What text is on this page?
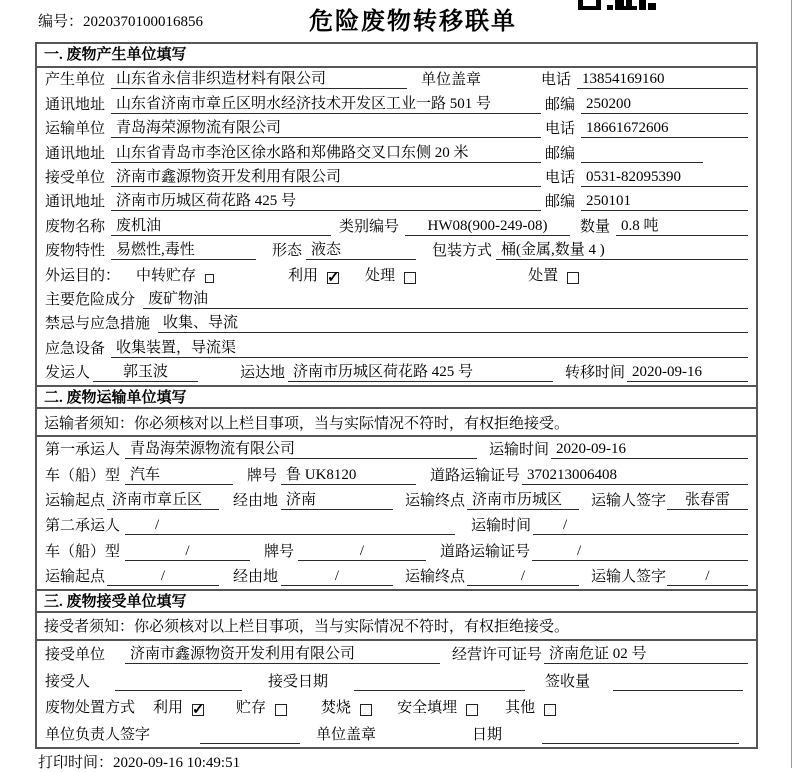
编号：2020370100016856	危险废物转移联单
一. 废物产生单位填写
产生单位 山东省永信非织造材料有限公司	单位盖章	电话 13854169160
通讯地址 山东省济南市章丘区明水经济技术开发区工业一路 501 号	邮编 250200
运输单位 青岛海荣源物流有限公司	电话 18661672606
通讯地址 山东省青岛市李沧区徐水路和郑佛路交叉口东侧 20 米	邮编
接受单位 济南市鑫源物资开发利用有限公司	电话 0531-82095390
通讯地址 济南市历城区荷花路 425 号	邮编 250101
废物名称 废机油	类别编号	HW08(900-249-08)	数量 0.8 吨
废物特性 易燃性,毒性	形态 液态	包装方式 桶(金属,数量 4 )
外运目的： 中转贮存	利用 ✓	处理	处置
主要危险成分 废矿物油
禁忌与应急措施 收集、导流
应急设备 收集装置，导流渠
发运人	郭玉波	运达地 济南市历城区荷花路 425 号	转移时间 2020-09-16
二. 废物运输单位填写
运输者须知：你必须核对以上栏目事项，当与实际情况不符时，有权拒绝接受。
第一承运人 青岛海荣源物流有限公司	运输时间 2020-09-16
车（船）型 汽车	牌号 鲁 UK8120	道路运输证号 370213006408
运输起点 济南市章丘区	经由地 济南	运输终点 济南市历城区	运输人签字	张春雷
第二承运人	/	运输时间	/
车（船）型	/	牌号	/	道路运输证号	/
运输起点	/	经由地	/	运输终点	/	运输人签字	/
三. 废物接受单位填写
接受者须知：你必须核对以上栏目事项，当与实际情况不符时，有权拒绝接受。
接受单位	济南市鑫源物资开发利用有限公司	经营许可证号 济南危证 02 号
接受人	接受日期	签收量
废物处置方式 利用 ✓	贮存	焚烧	安全填埋	其他
单位负责人签字	单位盖章	日期
打印时间：2020-09-16 10:49:51
